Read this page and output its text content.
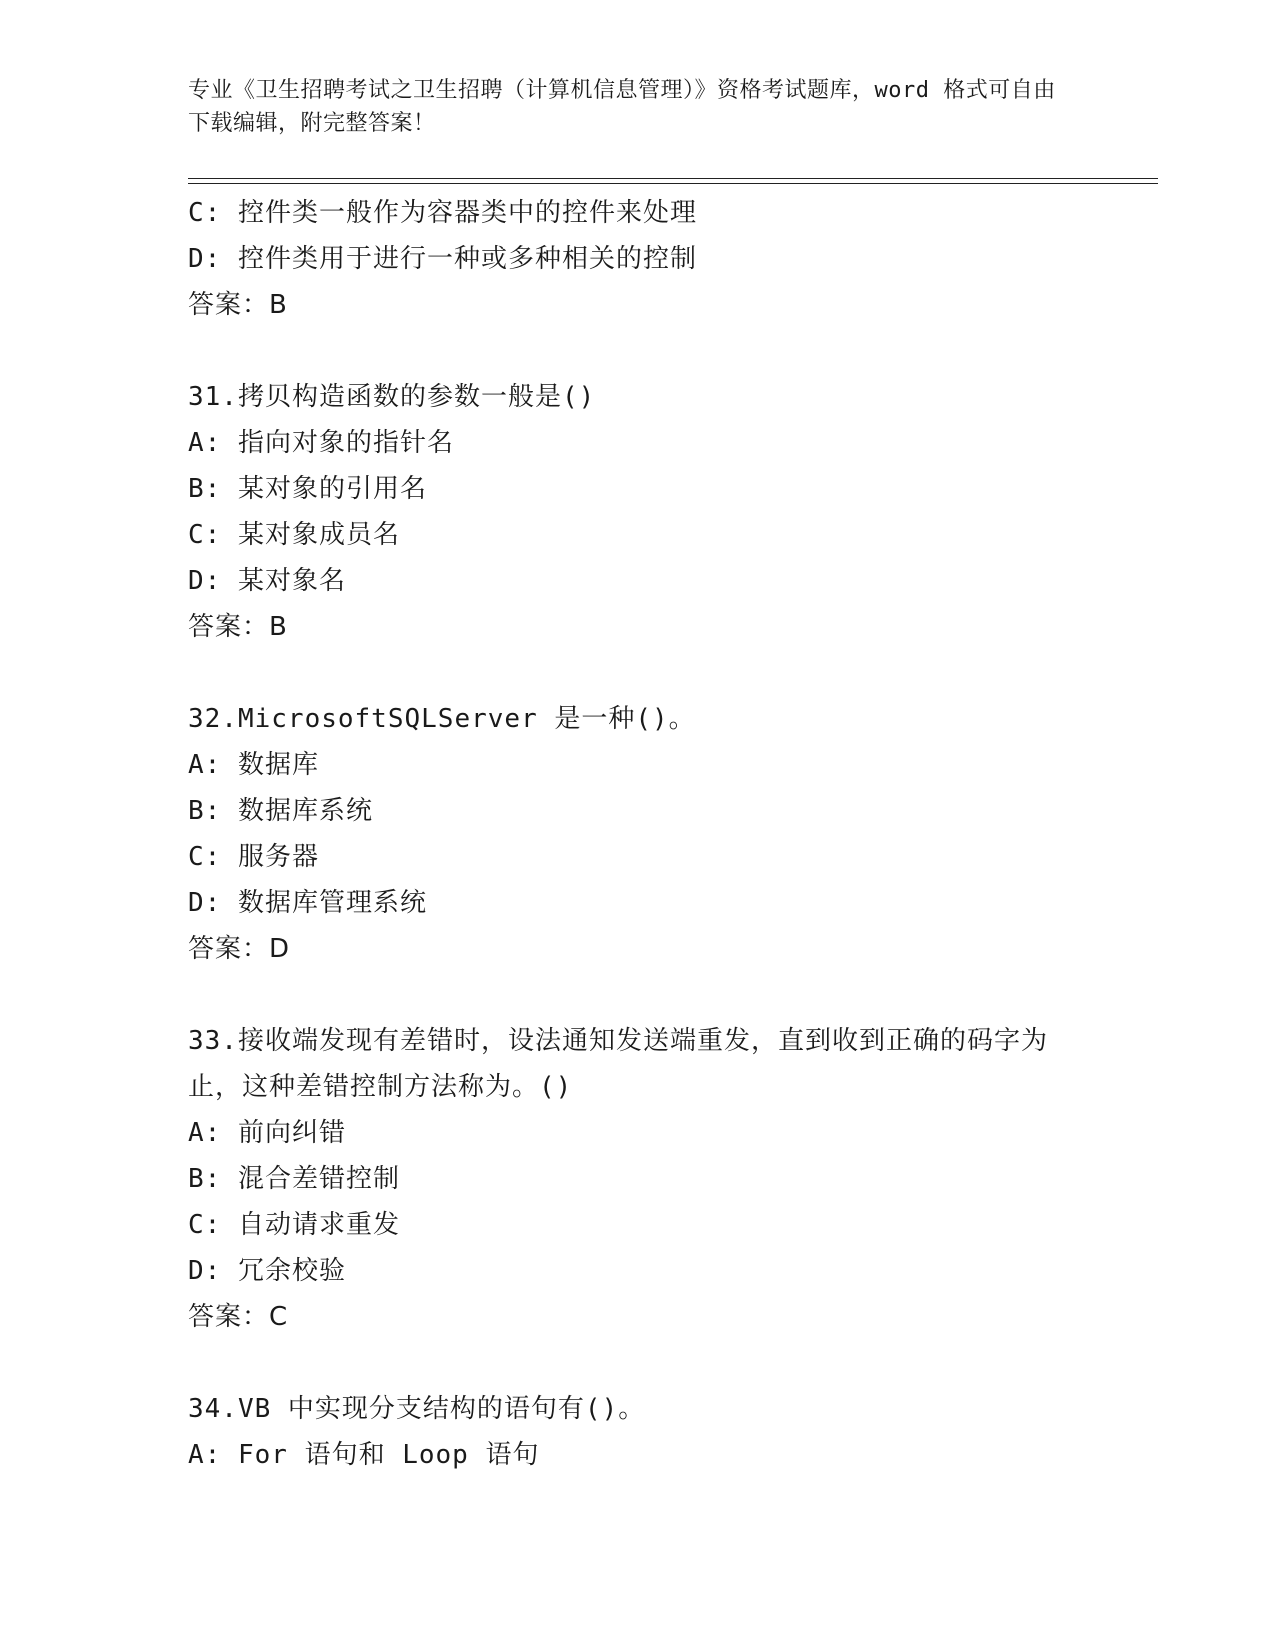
专业《卫生招聘考试之卫生招聘（计算机信息管理）》资格考试题库，word 格式可自由下载编辑，附完整答案！
C: 控件类一般作为容器类中的控件来处理
D: 控件类用于进行一种或多种相关的控制
答案：B
31.拷贝构造函数的参数一般是()
A: 指向对象的指针名
B: 某对象的引用名
C: 某对象成员名
D: 某对象名
答案：B
32.MicrosoftSQLServer 是一种()。
A: 数据库
B: 数据库系统
C: 服务器
D: 数据库管理系统
答案：D
33.接收端发现有差错时，设法通知发送端重发，直到收到正确的码字为止，这种差错控制方法称为。()
A: 前向纠错
B: 混合差错控制
C: 自动请求重发
D: 冗余校验
答案：C
34.VB 中实现分支结构的语句有()。
A: For 语句和 Loop 语句
